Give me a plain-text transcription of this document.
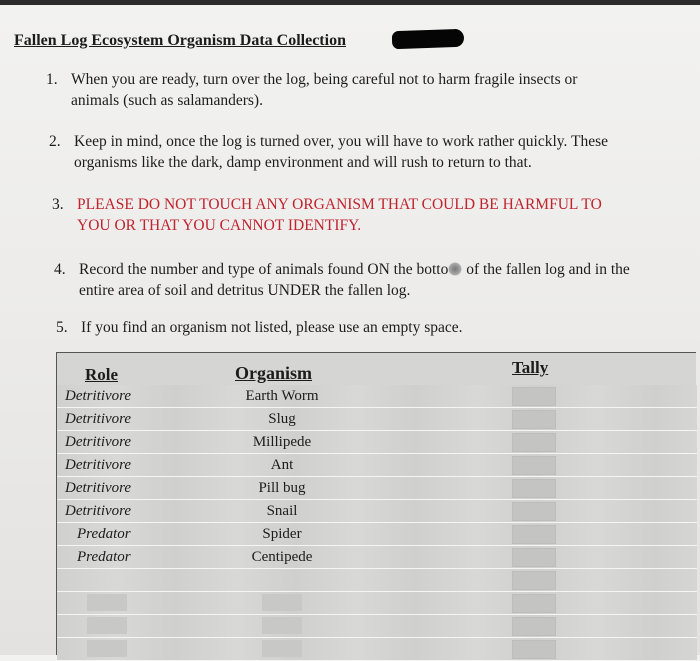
Fallen Log Ecosystem Organism Data Collection
1. When you are ready, turn over the log, being careful not to harm fragile insects or
animals (such as salamanders).
2. Keep in mind, once the log is turned over, you will have to work rather quickly. These
organisms like the dark, damp environment and will rush to return to that.
3. PLEASE DO NOT TOUCH ANY ORGANISM THAT COULD BE HARMFUL TO
YOU OR THAT YOU CANNOT IDENTIFY.
4. Record the number and type of animals found ON the botto of the fallen log and in the
entire area of soil and detritus UNDER the fallen log.
5. If you find an organism not listed, please use an empty space.
Role	Organism	Tally
Detritivore	Earth Worm
Detritivore	Slug
Detritivore	Millipede
Detritivore	Ant
Detritivore	Pill bug
Detritivore	Snail
Predator	Spider
Predator	Centipede
